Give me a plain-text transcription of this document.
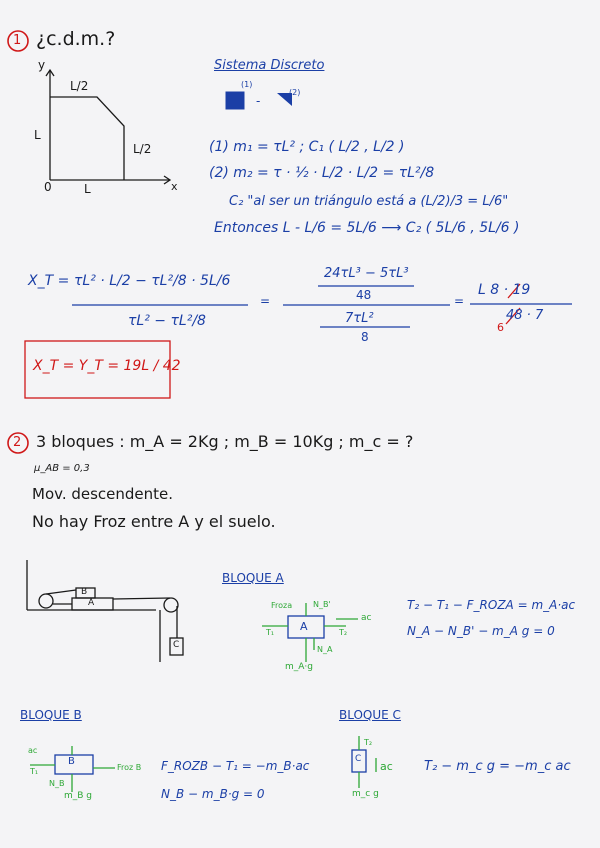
1 ¿c.d.m.?
y
x
0
L/2
L
L/2
L
Sistema Discreto
(1)
(2)
-
(1) m₁ = τL² ; C₁ ( L/2 , L/2 )
(2) m₂ = τ · ½ · L/2 · L/2 = τL²/8
C₂ "al ser un triángulo está a (L/2)/3 = L/6"
Entonces L - L/6 = 5L/6 ⟶ C₂ ( 5L/6 , 5L/6 )
X_T = τL² · L/2 − τL²/8 · 5L/6
τL² − τL²/8
=
24τL³ − 5τL³
48
7τL²
8
=
L 8 · 19
48 · 7
6
X_T = Y_T = 19L / 42
2 3 bloques : m_A = 2Kg ; m_B = 10Kg ; m_c = ?
μ_AB = 0,3
Mov. descendente.
No hay Froz entre A y el suelo.
B
A
C
BLOQUE A
A
Froza	N_B'
ac
T₁	T₂
N_A
m_A·g
T₂ − T₁ − F_ROZA = m_A·ac
N_A − N_B' − m_A g = 0
BLOQUE B
B
ac
T₁	Froz B
N_B
m_B g
F_ROZB − T₁ = −m_B·ac
N_B − m_B·g = 0
BLOQUE C
C
T₂
ac
m_c g
T₂ − m_c g = −m_c ac
